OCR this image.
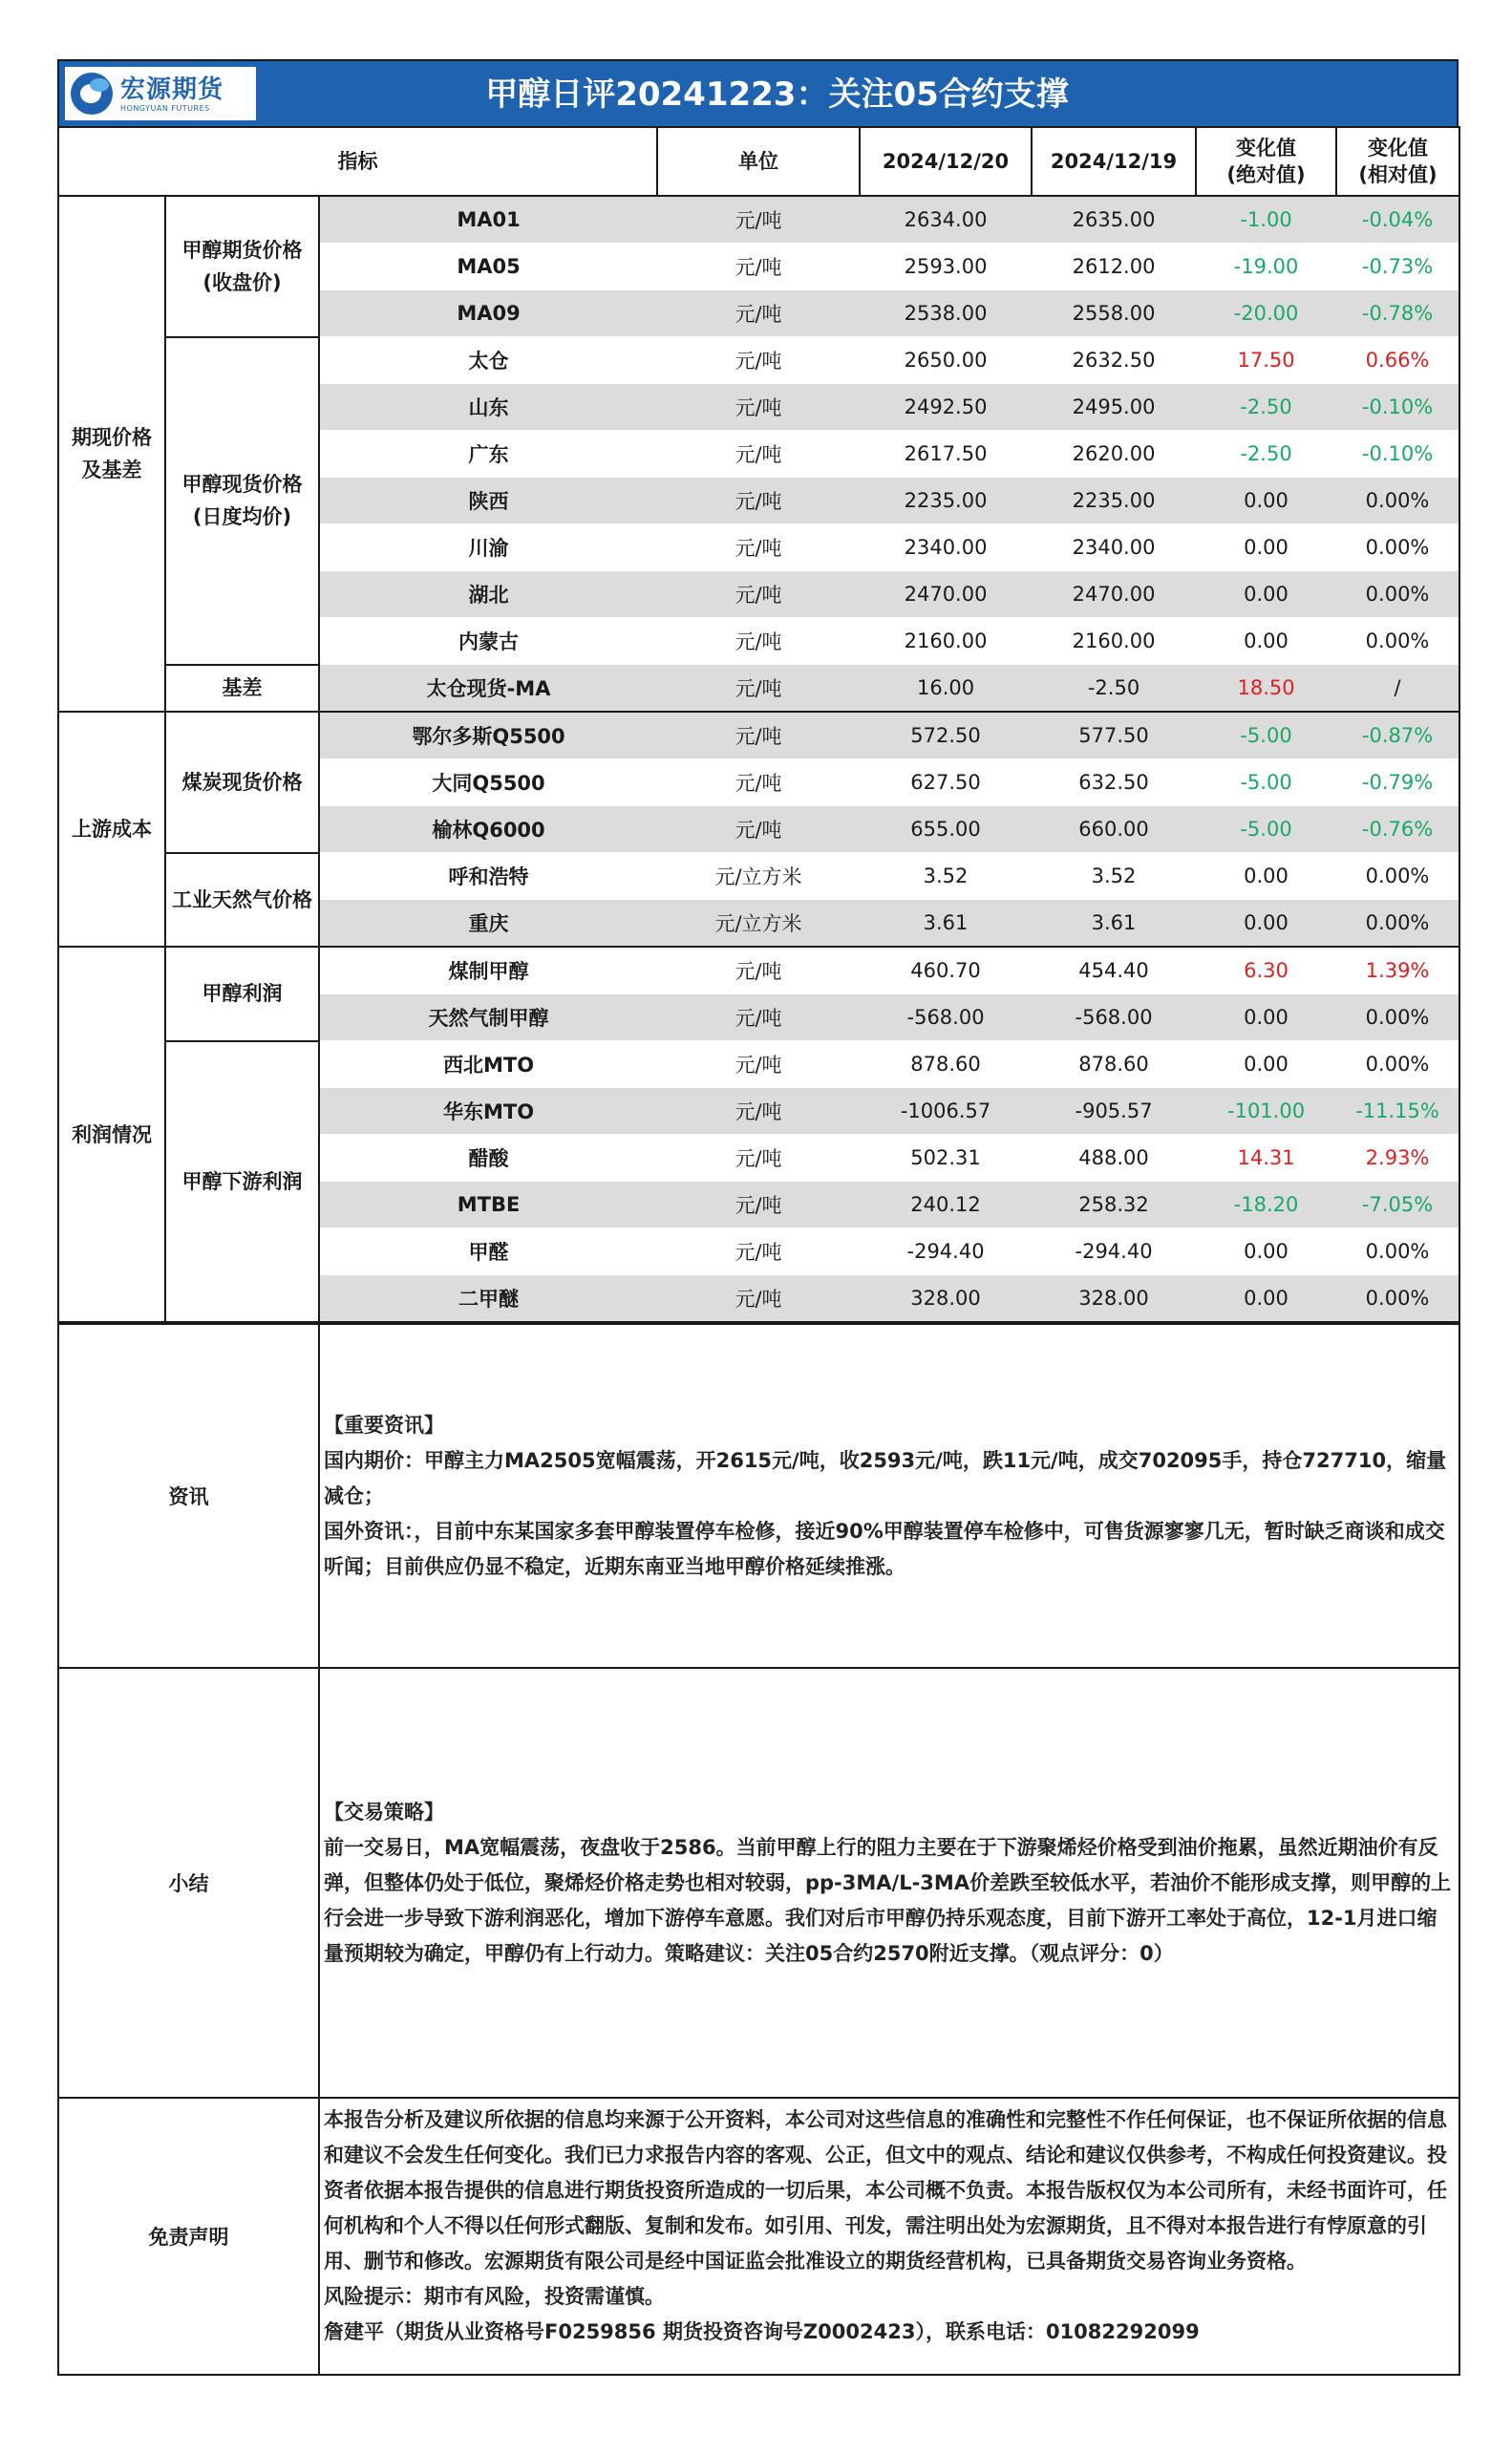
宏源期货
HONGYUAN FUTURES	甲醇日评20241223：关注05合约支撑
指标			单位	2024/12/20	2024/12/19	变化值
(绝对值)	变化值
(相对值)
期现价格
及基差	甲醇期货价格
(收盘价)	MA01	元/吨	2634.00	2635.00	-1.00	-0.04%
		MA05	元/吨	2593.00	2612.00	-19.00	-0.73%
		MA09	元/吨	2538.00	2558.00	-20.00	-0.78%
	甲醇现货价格
(日度均价)	太仓	元/吨	2650.00	2632.50	17.50	0.66%
		山东	元/吨	2492.50	2495.00	-2.50	-0.10%
		广东	元/吨	2617.50	2620.00	-2.50	-0.10%
		陕西	元/吨	2235.00	2235.00	0.00	0.00%
		川渝	元/吨	2340.00	2340.00	0.00	0.00%
		湖北	元/吨	2470.00	2470.00	0.00	0.00%
		内蒙古	元/吨	2160.00	2160.00	0.00	0.00%
	基差	太仓现货-MA	元/吨	16.00	-2.50	18.50	/
上游成本	煤炭现货价格	鄂尔多斯Q5500	元/吨	572.50	577.50	-5.00	-0.87%
		大同Q5500	元/吨	627.50	632.50	-5.00	-0.79%
		榆林Q6000	元/吨	655.00	660.00	-5.00	-0.76%
	工业天然气价格	呼和浩特	元/立方米	3.52	3.52	0.00	0.00%
		重庆	元/立方米	3.61	3.61	0.00	0.00%
利润情况	甲醇利润	煤制甲醇	元/吨	460.70	454.40	6.30	1.39%
		天然气制甲醇	元/吨	-568.00	-568.00	0.00	0.00%
	甲醇下游利润	西北MTO	元/吨	878.60	878.60	0.00	0.00%
		华东MTO	元/吨	-1006.57	-905.57	-101.00	-11.15%
		醋酸	元/吨	502.31	488.00	14.31	2.93%
		MTBE	元/吨	240.12	258.32	-18.20	-7.05%
		甲醛	元/吨	-294.40	-294.40	0.00	0.00%
		二甲醚	元/吨	328.00	328.00	0.00	0.00%
资讯	【重要资讯】

国内期价：甲醇主力MA2505宽幅震荡，开2615元/吨，收2593元/吨，跌11元/吨，成交702095手，持仓727710，缩量减仓；

国外资讯：，目前中东某国家多套甲醇装置停车检修，接近90%甲醇装置停车检修中，可售货源寥寥几无，暂时缺乏商谈和成交听闻；目前供应仍显不稳定，近期东南亚当地甲醇价格延续推涨。

小结	【交易策略】

前一交易日，MA宽幅震荡，夜盘收于2586。当前甲醇上行的阻力主要在于下游聚烯烃价格受到油价拖累，虽然近期油价有反弹，但整体仍处于低位，聚烯烃价格走势也相对较弱，pp-3MA/L-3MA价差跌至较低水平，若油价不能形成支撑，则甲醇的上行会进一步导致下游利润恶化，增加下游停车意愿。我们对后市甲醇仍持乐观态度，目前下游开工率处于高位，12-1月进口缩量预期较为确定，甲醇仍有上行动力。策略建议：关注05合约2570附近支撑。（观点评分：0）

免责声明	本报告分析及建议所依据的信息均来源于公开资料，本公司对这些信息的准确性和完整性不作任何保证，也不保证所依据的信息和建议不会发生任何变化。我们已力求报告内容的客观、公正，但文中的观点、结论和建议仅供参考，不构成任何投资建议。投资者依据本报告提供的信息进行期货投资所造成的一切后果，本公司概不负责。本报告版权仅为本公司所有，未经书面许可，任何机构和个人不得以任何形式翻版、复制和发布。如引用、刊发，需注明出处为宏源期货，且不得对本报告进行有悖原意的引用、删节和修改。宏源期货有限公司是经中国证监会批准设立的期货经营机构，已具备期货交易咨询业务资格。

风险提示：期市有风险，投资需谨慎。

詹建平（期货从业资格号F0259856 期货投资咨询号Z0002423），联系电话：01082292099
